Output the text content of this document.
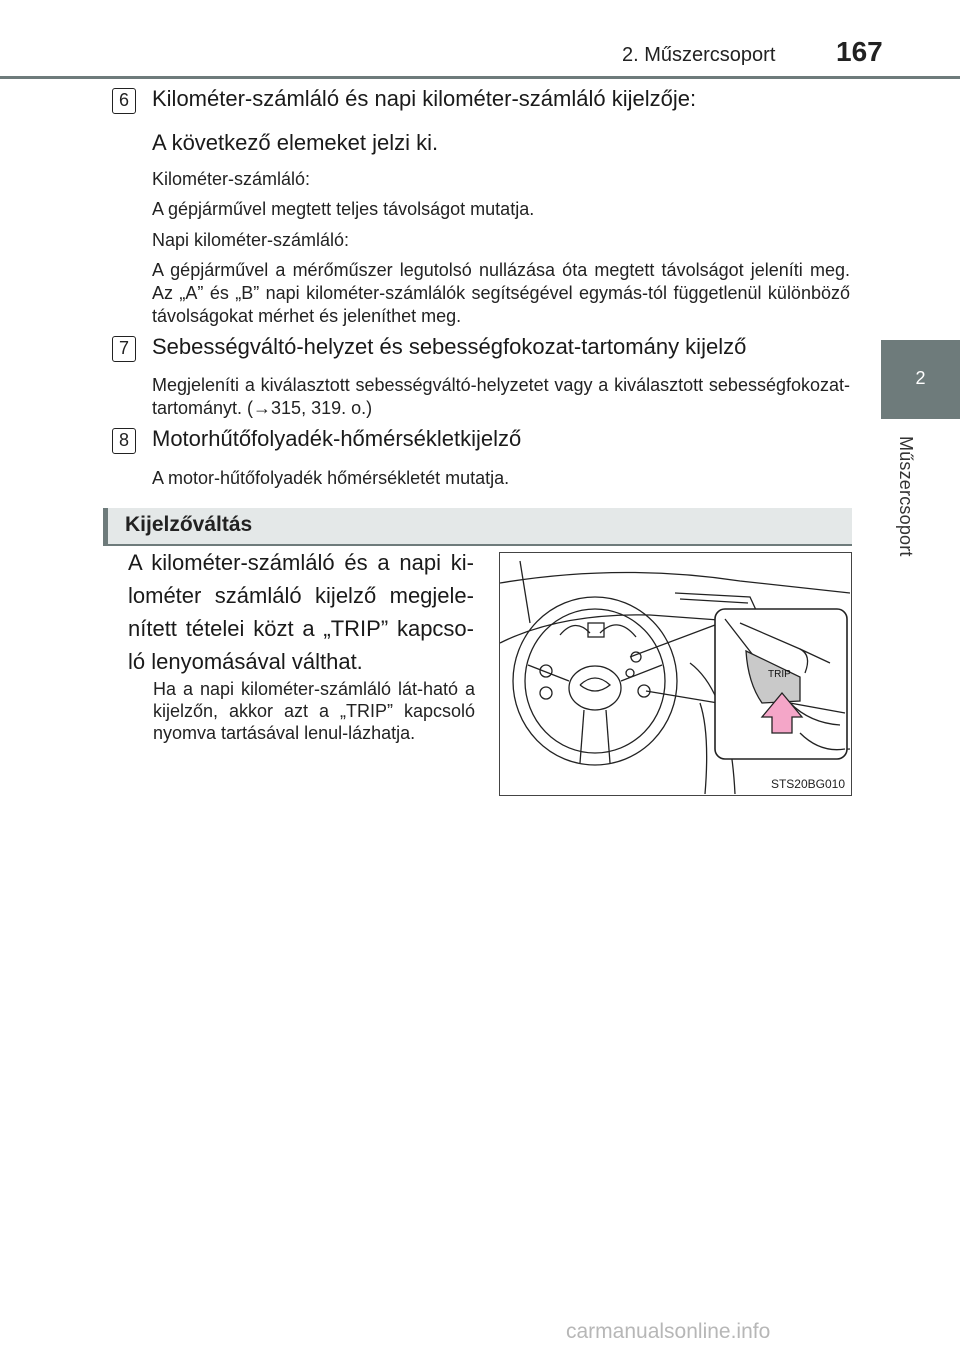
2. Műszercsoport 167
2
Műszercsoport
6	Kilométer-számláló és napi kilométer-számláló kijelzője:
A következő elemeket jelzi ki.
Kilométer-számláló:
A gépjárművel megtett teljes távolságot mutatja.
Napi kilométer-számláló:
A gépjárművel a mérőműszer legutolsó nullázása óta megtett távolságot jeleníti meg. Az „A” és „B” napi kilométer-számlálók segítségével egymás-tól függetlenül különböző távolságokat mérhet és jeleníthet meg.
7	Sebességváltó-helyzet és sebességfokozat-tartomány kijelző
Megjeleníti a kiválasztott sebességváltó-helyzetet vagy a kiválasztott sebességfokozat-tartományt. (→315, 319. o.)
8	Motorhűtőfolyadék-hőmérsékletkijelző
A motor-hűtőfolyadék hőmérsékletét mutatja.
Kijelzőváltás
A kilométer-számláló és a napi ki-lométer számláló kijelző megjele-nített tételei közt a „TRIP” kapcso-ló lenyomásával válthat.
Ha a napi kilométer-számláló lát-ható a kijelzőn, akkor azt a „TRIP” kapcsoló nyomva tartásával lenul-lázhatja.
TRIP
STS20BG010
carmanualsonline.info
